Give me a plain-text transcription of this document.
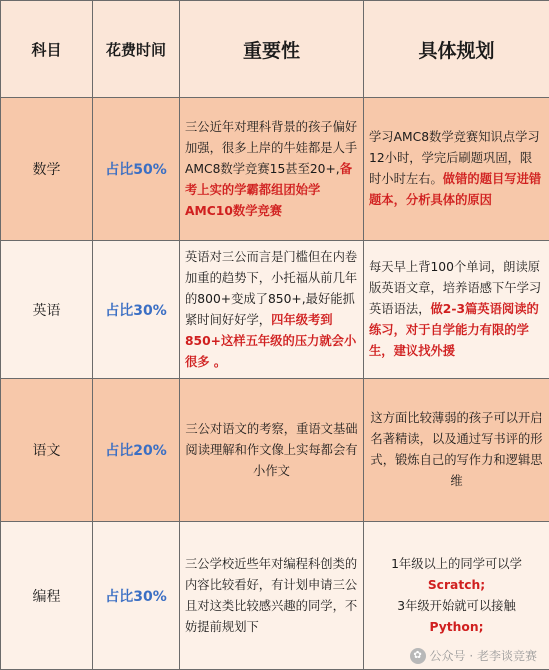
科目	花费时间	重要性	具体规划
数学	占比50%	三公近年对理科背景的孩子偏好加强，很多上岸的牛娃都是人手AMC8数学竞赛15甚至20+,备考上实的学霸都组团始学AMC10数学竞赛	学习AMC8数学竞赛知识点学习12小时，学完后刷题巩固，限时小时左右。做错的题目写进错题本，分析具体的原因

英语	占比30%	英语对三公而言是门槛但在内卷加重的趋势下，小托福从前几年的800+变成了850+,最好能抓紧时间好好学，四年级考到850+这样五年级的压力就会小很多 。	每天早上背100个单词，朗读原版英语文章，培养语感下午学习英语语法，做2-3篇英语阅读的练习，对于自学能力有限的学生，建议找外援

语文	占比20%	三公对语文的考察，重语文基础阅读理解和作文像上实每都会有小作文	这方面比较薄弱的孩子可以开启名著精读，以及通过写书评的形式，锻炼自己的写作力和逻辑思维

编程	占比30%	三公学校近些年对编程科创类的内容比较看好，有计划申请三公且对这类比较感兴趣的同学，不妨提前规划下	1年级以上的同学可以学
Scratch;
3年级开始就可以接触
Python;
✿ 公众号 · 老李谈竞赛
